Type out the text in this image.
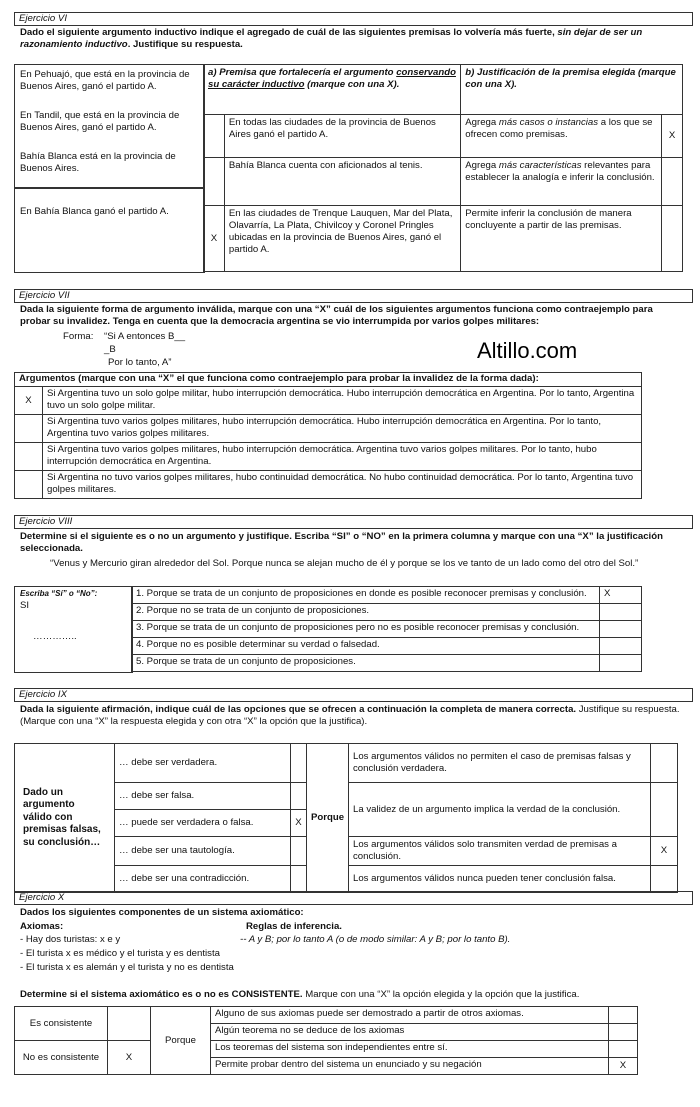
Ejercicio VI
Dado el siguiente argumento inductivo indique el agregado de cuál de las siguientes premisas lo volvería más fuerte, sin dejar de ser un razonamiento inductivo. Justifique su respuesta.
En Pehuajó, que está en la provincia de Buenos Aires, ganó el partido A.
En Tandil, que está en la provincia de Buenos Aires, ganó el partido A.
Bahía Blanca está en la provincia de Buenos Aires.
En Bahía Blanca ganó el partido A.
a) Premisa que fortalecería el argumento conservando su carácter inductivo (marque con una X).		b) Justificación de la premisa elegida (marque con una X).	
	En todas las ciudades de la provincia de Buenos Aires ganó el partido A.	Agrega más casos o instancias a los que se ofrecen como premisas.	X
	Bahía Blanca cuenta con aficionados al tenis.	Agrega más características relevantes para establecer la analogía e inferir la conclusión.	
X	En las ciudades de Trenque Lauquen, Mar del Plata, Olavarría, La Plata, Chivilcoy y Coronel Pringles ubicadas en la provincia de Buenos Aires, ganó el partido A.	Permite inferir la conclusión de manera concluyente a partir de las premisas.	
Ejercicio VII
Dada la siguiente forma de argumento inválida, marque con una “X” cuál de los siguientes argumentos funciona como contraejemplo para probar su invalidez. Tenga en cuenta que la democracia argentina se vio interrumpida por varios golpes militares:
Forma: “Si A entonces B__
_B
Por lo tanto, A”	Altillo.com
Argumentos (marque con una “X” el que funciona como contraejemplo para probar la invalidez de la forma dada):	
X	Si Argentina tuvo un solo golpe militar, hubo interrupción democrática. Hubo interrupción democrática en Argentina. Por lo tanto, Argentina tuvo un solo golpe militar.
	Si Argentina tuvo varios golpes militares, hubo interrupción democrática. Hubo interrupción democrática en Argentina. Por lo tanto, Argentina tuvo varios golpes militares.
	Si Argentina tuvo varios golpes militares, hubo interrupción democrática. Argentina tuvo varios golpes militares. Por lo tanto, hubo interrupción democrática en Argentina.
	Si Argentina no tuvo varios golpes militares, hubo continuidad democrática. No hubo continuidad democrática. Por lo tanto, Argentina tuvo golpes militares.
Ejercicio VIII
Determine si el siguiente es o no un argumento y justifique. Escriba “SI” o “NO” en la primera columna y marque con una “X” la justificación seleccionada.
“Venus y Mercurio giran alrededor del Sol. Porque nunca se alejan mucho de él y porque se los ve tanto de un lado como del otro del Sol.”
Escriba “Sí” o “No”:
SI
…………..
1. Porque se trata de un conjunto de proposiciones en donde es posible reconocer premisas y conclusión.	X
2. Porque no se trata de un conjunto de proposiciones.	
3. Porque se trata de un conjunto de proposiciones pero no es posible reconocer premisas y conclusión.	
4. Porque no es posible determinar su verdad o falsedad.	
5. Porque se trata de un conjunto de proposiciones.	
Ejercicio IX
Dada la siguiente afirmación, indique cuál de las opciones que se ofrecen a continuación la completa de manera correcta. Justifique su respuesta. (Marque con una “X” la respuesta elegida y con otra “X” la opción que la justifica).
Dado un argumento válido con premisas falsas, su conclusión…	… debe ser verdadera.		Porque	Los argumentos válidos no permiten el caso de premisas falsas y conclusión verdadera.	
	… debe ser falsa.			La validez de un argumento implica la verdad de la conclusión.	
	… puede ser verdadera o falsa.	X			
	… debe ser una tautología.			Los argumentos válidos solo transmiten verdad de premisas a conclusión.	X
	… debe ser una contradicción.			Los argumentos válidos nunca pueden tener conclusión falsa.	
Ejercicio X
Dados los siguientes componentes de un sistema axiomático:
Axiomas:	Reglas de inferencia.
-- A y B; por lo tanto A (o de modo similar: A y B; por lo tanto B).
- Hay dos turistas: x e y
- El turista x es médico y el turista y es dentista
- El turista x es alemán y el turista y no es dentista
Determine si el sistema axiomático es o no es CONSISTENTE. Marque con una “X” la opción elegida y la opción que la justifica.
Es consistente		Porque	Alguno de sus axiomas puede ser demostrado a partir de otros axiomas.	
			Algún teorema no se deduce de los axiomas	
No es consistente	X		Los teoremas del sistema son independientes entre sí.	
			Permite probar dentro del sistema un enunciado y su negación	X
